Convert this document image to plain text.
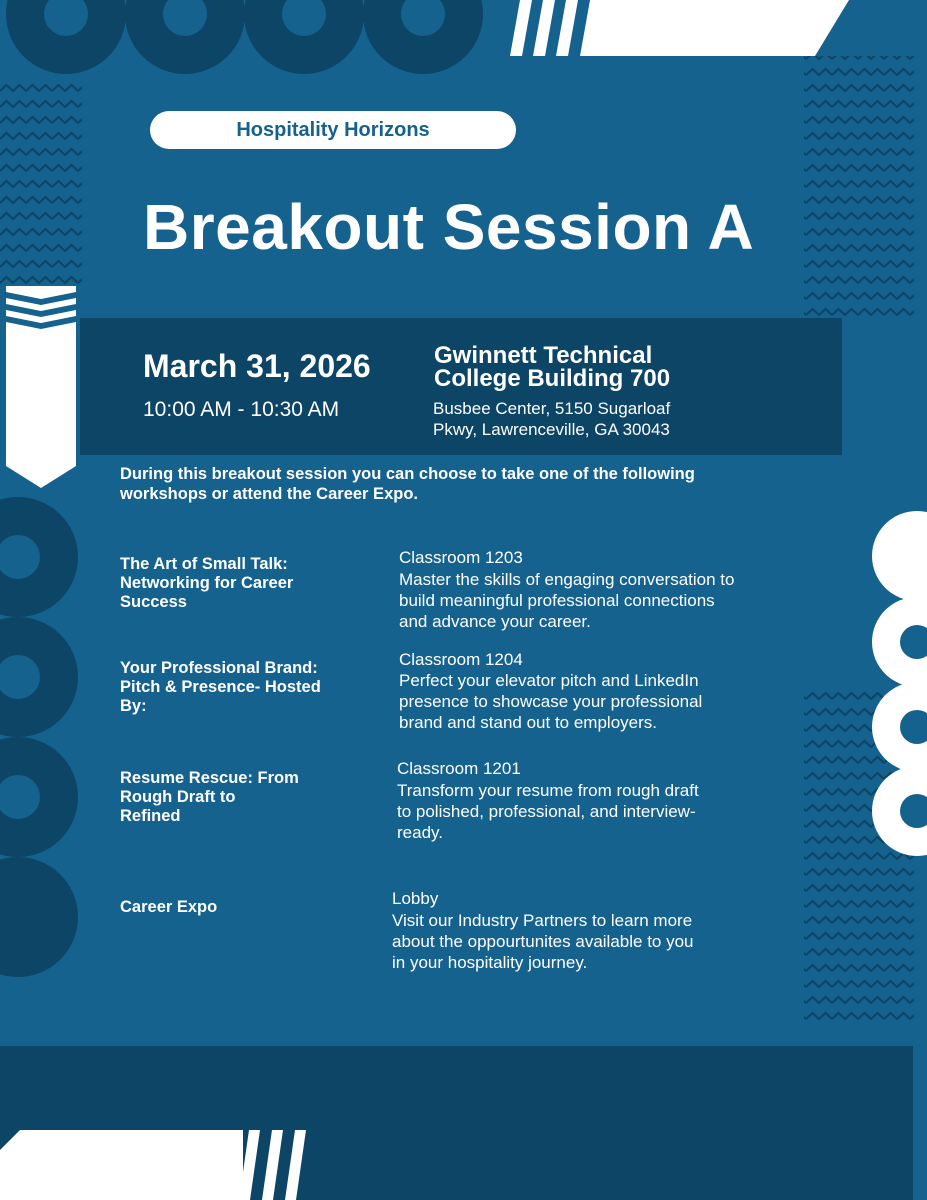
Hospitality Horizons
Breakout Session A
March 31, 2026
10:00 AM - 10:30 AM
Gwinnett Technical
College Building 700
Busbee Center, 5150 Sugarloaf
Pkwy, Lawrenceville, GA 30043
During this breakout session you can choose to take one of the following
workshops or attend the Career Expo.
The Art of Small Talk:
Networking for Career
Success
Classroom 1203
Master the skills of engaging conversation to
build meaningful professional connections
and advance your career.
Your Professional Brand:
Pitch & Presence- Hosted
By:
Classroom 1204
Perfect your elevator pitch and LinkedIn
presence to showcase your professional
brand and stand out to employers.
Resume Rescue: From
Rough Draft to
Refined
Classroom 1201
Transform your resume from rough draft
to polished, professional, and interview-
ready.
Career Expo	Lobby
Visit our Industry Partners to learn more
about the oppourtunites available to you
in your hospitality journey.
